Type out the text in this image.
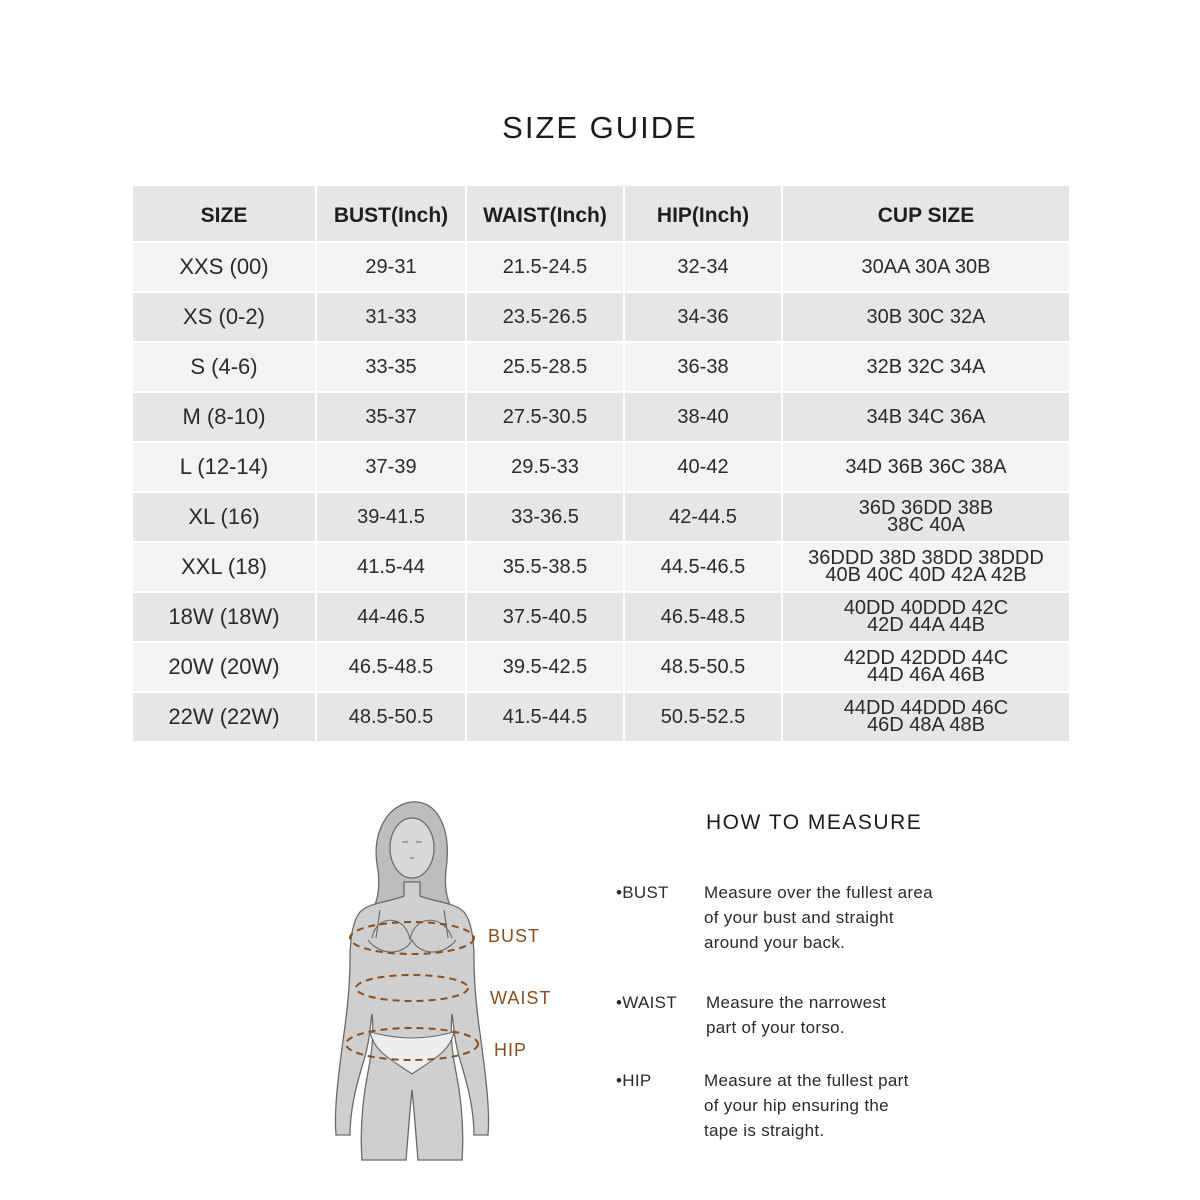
SIZE GUIDE
SIZE	BUST(Inch)	WAIST(Inch)	HIP(Inch)	CUP SIZE
XXS (00)	29-31	21.5-24.5	32-34	30AA 30A 30B

XS (0-2)	31-33	23.5-26.5	34-36	30B 30C 32A

S (4-6)	33-35	25.5-28.5	36-38	32B 32C 34A

M (8-10)	35-37	27.5-30.5	38-40	34B 34C 36A

L (12-14)	37-39	29.5-33	40-42	34D 36B 36C 38A

XL (16)	39-41.5	33-36.5	42-44.5	36D 36DD 38B
38C 40A

XXL (18)	41.5-44	35.5-38.5	44.5-46.5	36DDD 38D 38DD 38DDD
40B 40C 40D 42A 42B

18W (18W)	44-46.5	37.5-40.5	46.5-48.5	40DD 40DDD 42C
42D 44A 44B

20W (20W)	46.5-48.5	39.5-42.5	48.5-50.5	42DD 42DDD 44C
44D 46A 46B

22W (22W)	48.5-50.5	41.5-44.5	50.5-52.5	44DD 44DDD 46C
46D 48A 48B
BUST
WAIST
HIP
HOW TO MEASURE
•BUST	Measure over the fullest area
of your bust and straight
around your back.
•WAIST	Measure the narrowest
part of your torso.
•HIP	Measure at the fullest part
of your hip ensuring the
tape is straight.
